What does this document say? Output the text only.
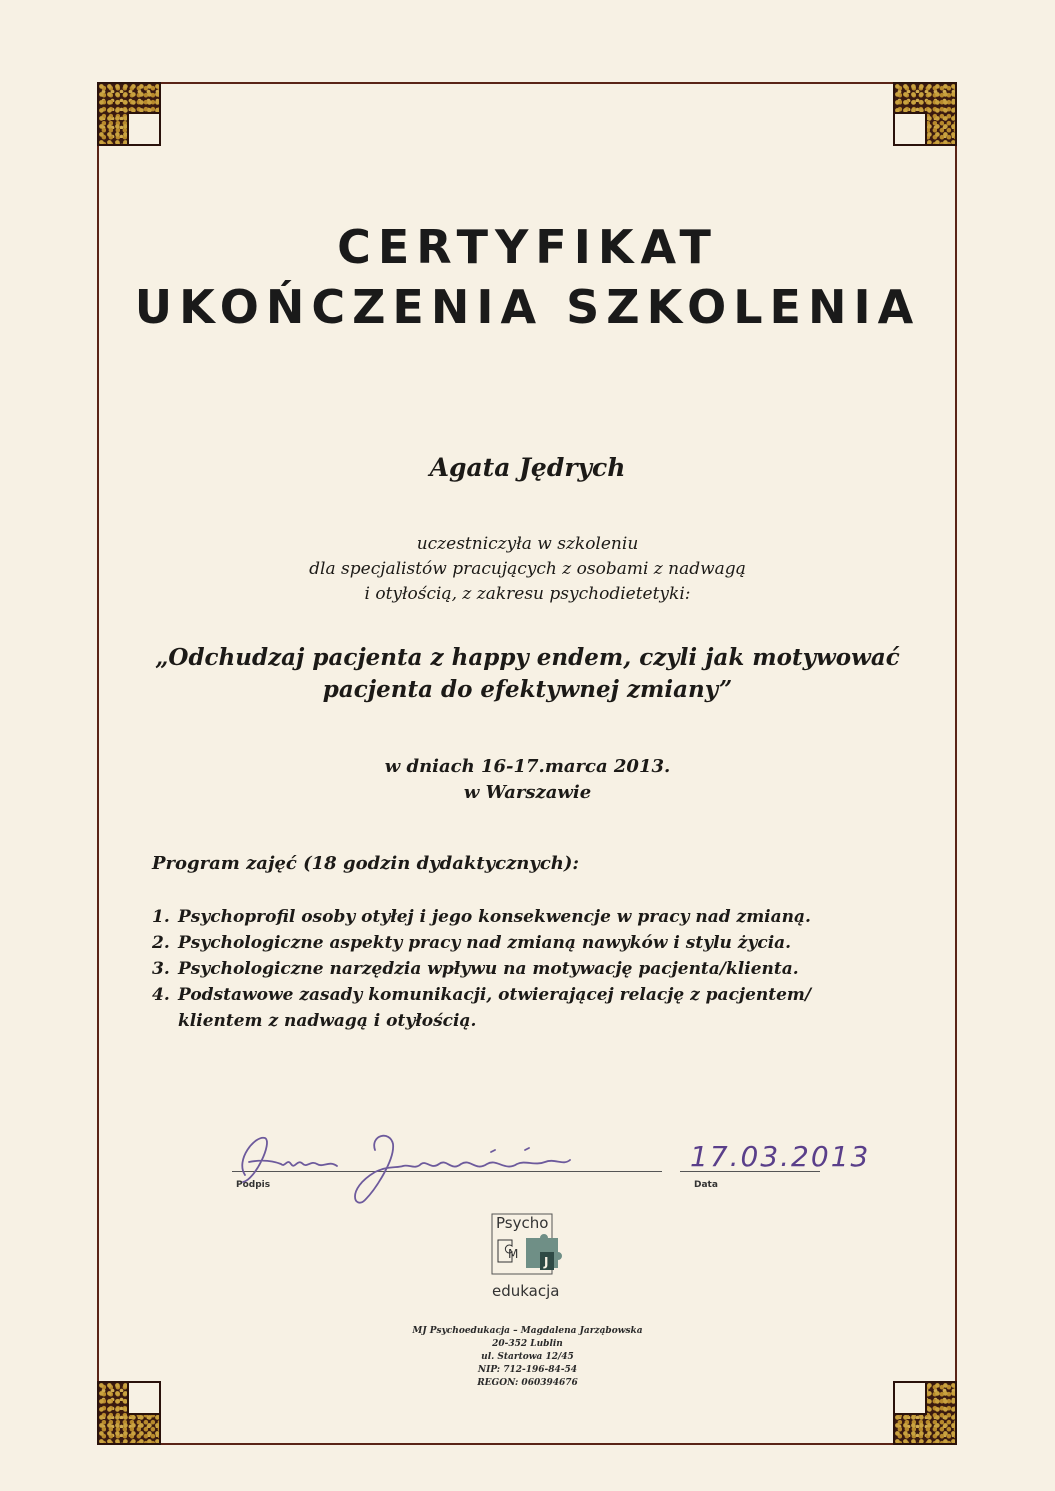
CERTYFIKAT
UKOŃCZENIA SZKOLENIA
Agata Jędrych
uczestniczyła w szkoleniu
dla specjalistów pracujących z osobami z nadwagą
i otyłością, z zakresu psychodietetyki:
„Odchudzaj pacjenta z happy endem, czyli jak motywować
pacjenta do efektywnej zmiany”
w dniach 16-17.marca 2013.
w Warszawie
Program zajęć (18 godzin dydaktycznych):
1. Psychoprofil osoby otyłej i jego konsekwencje w pracy nad zmianą.
2. Psychologiczne aspekty pracy nad zmianą nawyków i stylu życia.
3. Psychologiczne narzędzia wpływu na motywację pacjenta/klienta.
4. Podstawowe zasady komunikacji, otwierającej relację z pacjentem/ klientem z nadwagą i otyłością.
Podpis	Data
17.03.2013
Psycho
M
J
edukacja
MJ Psychoedukacja – Magdalena Jarząbowska
20-352 Lublin
ul. Startowa 12/45
NIP: 712-196-84-54
REGON: 060394676
